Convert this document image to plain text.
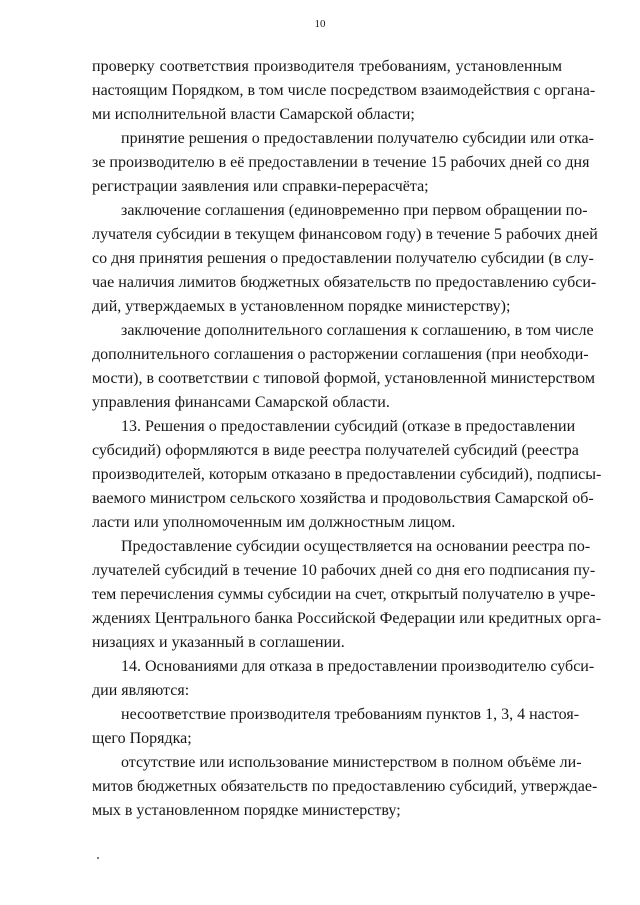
10
проверку соответствия производителя требованиям, установленным
настоящим Порядком, в том числе посредством взаимодействия с органа-
ми исполнительной власти Самарской области;
принятие решения о предоставлении получателю субсидии или отка-
зе производителю в её предоставлении в течение 15 рабочих дней со дня
регистрации заявления или справки-перерасчёта;
заключение соглашения (единовременно при первом обращении по-
лучателя субсидии в текущем финансовом году) в течение 5 рабочих дней
со дня принятия решения о предоставлении получателю субсидии (в слу-
чае наличия лимитов бюджетных обязательств по предоставлению субси-
дий, утверждаемых в установленном порядке министерству);
заключение дополнительного соглашения к соглашению, в том числе
дополнительного соглашения о расторжении соглашения (при необходи-
мости), в соответствии с типовой формой, установленной министерством
управления финансами Самарской области.
13. Решения о предоставлении субсидий (отказе в предоставлении
субсидий) оформляются в виде реестра получателей субсидий (реестра
производителей, которым отказано в предоставлении субсидий), подписы-
ваемого министром сельского хозяйства и продовольствия Самарской об-
ласти или уполномоченным им должностным лицом.
Предоставление субсидии осуществляется на основании реестра по-
лучателей субсидий в течение 10 рабочих дней со дня его подписания пу-
тем перечисления суммы субсидии на счет, открытый получателю в учре-
ждениях Центрального банка Российской Федерации или кредитных орга-
низациях и указанный в соглашении.
14. Основаниями для отказа в предоставлении производителю субси-
дии являются:
несоответствие производителя требованиям пунктов 1, 3, 4 настоя-
щего Порядка;
отсутствие или использование министерством в полном объёме ли-
митов бюджетных обязательств по предоставлению субсидий, утверждае-
мых в установленном порядке министерству;
